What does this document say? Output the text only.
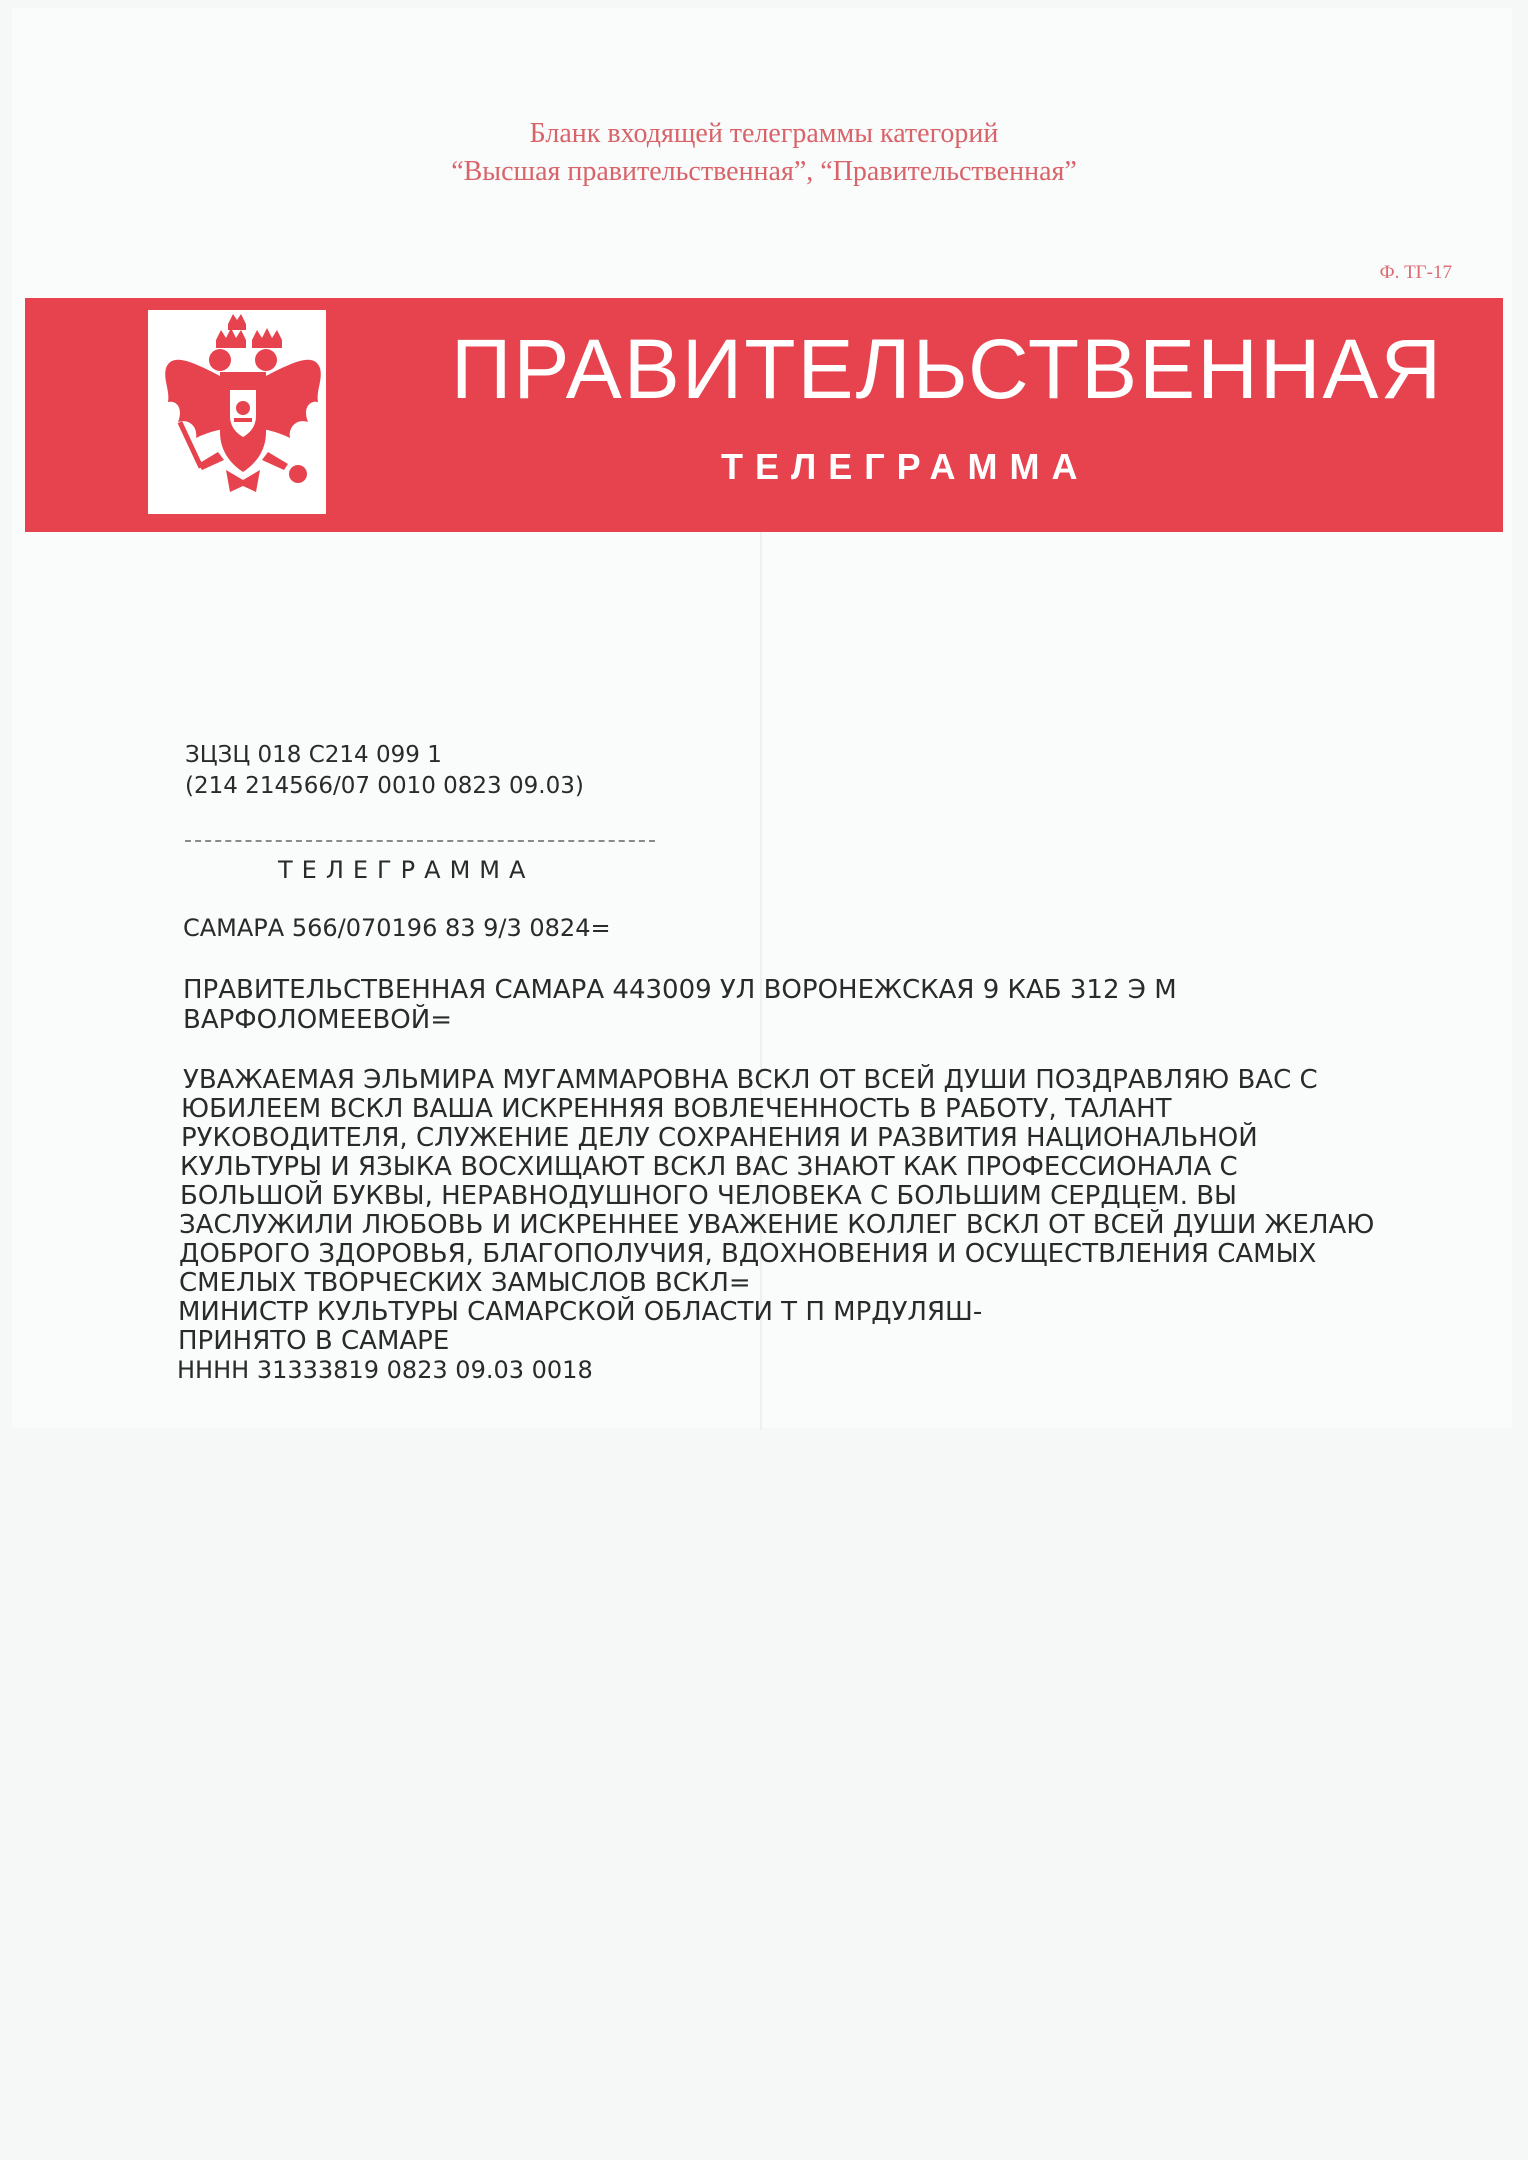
Бланк входящей телеграммы категорий
“Высшая правительственная”, “Правительственная”
Ф. ТГ-17
ПРАВИТЕЛЬСТВЕННАЯ
ТЕЛЕГРАММА
ЗЦЗЦ 018 С214 099 1
(214 214566/07 0010 0823 09.03)
ТЕЛЕГРАММА
САМАРА 566/070196 83 9/3 0824=
ПРАВИТЕЛЬСТВЕННАЯ САМАРА 443009 УЛ ВОРОНЕЖСКАЯ 9 КАБ 312 Э М
ВАРФОЛОМЕЕВОЙ=
УВАЖАЕМАЯ ЭЛЬМИРА МУГАММАРОВНА ВСКЛ ОТ ВСЕЙ ДУШИ ПОЗДРАВЛЯЮ ВАС С
ЮБИЛЕЕМ ВСКЛ ВАША ИСКРЕННЯЯ ВОВЛЕЧЕННОСТЬ В РАБОТУ, ТАЛАНТ
РУКОВОДИТЕЛЯ, СЛУЖЕНИЕ ДЕЛУ СОХРАНЕНИЯ И РАЗВИТИЯ НАЦИОНАЛЬНОЙ
КУЛЬТУРЫ И ЯЗЫКА ВОСХИЩАЮТ ВСКЛ ВАС ЗНАЮТ КАК ПРОФЕССИОНАЛА С
БОЛЬШОЙ БУКВЫ, НЕРАВНОДУШНОГО ЧЕЛОВЕКА С БОЛЬШИМ СЕРДЦЕМ. ВЫ
ЗАСЛУЖИЛИ ЛЮБОВЬ И ИСКРЕННЕЕ УВАЖЕНИЕ КОЛЛЕГ ВСКЛ ОТ ВСЕЙ ДУШИ ЖЕЛАЮ
ДОБРОГО ЗДОРОВЬЯ, БЛАГОПОЛУЧИЯ, ВДОХНОВЕНИЯ И ОСУЩЕСТВЛЕНИЯ САМЫХ
СМЕЛЫХ ТВОРЧЕСКИХ ЗАМЫСЛОВ ВСКЛ=
МИНИСТР КУЛЬТУРЫ САМАРСКОЙ ОБЛАСТИ Т П МРДУЛЯШ-
ПРИНЯТО В САМАРЕ
НННН 31333819 0823 09.03 0018
